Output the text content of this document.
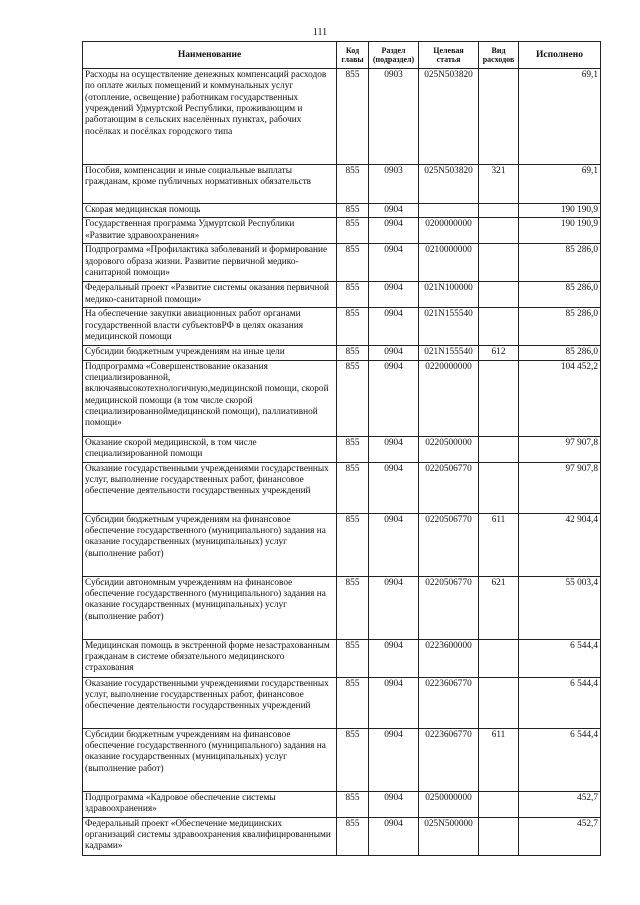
111
Наименование	Код главы	Раздел (подраздел)	Целевая статья	Вид расходов	Исполнено
Расходы на осуществление денежных компенсаций расходов по оплате жилых помещений и коммунальных услуг (отопление, освещение) работникам государственных учреждений Удмуртской Республики, проживающим и работающим в сельских населённых пунктах, рабочих посёлках и посёлках городского типа	855	0903	025N503820		69,1
Пособия, компенсации и иные социальные выплаты гражданам, кроме публичных нормативных обязательств	855	0903	025N503820	321	69,1
Скорая медицинская помощь	855	0904			190 190,9
Государственная программа Удмуртской Республики «Развитие здравоохранения»	855	0904	0200000000		190 190,9
Подпрограмма «Профилактика заболеваний и формирование здорового образа жизни. Развитие первичной медико-санитарной помощи»	855	0904	0210000000		85 286,0
Федеральный проект «Развитие системы оказания первичной медико-санитарной помощи»	855	0904	021N100000		85 286,0
На обеспечение закупки авиационных работ органами государственной власти субъектовРФ в целях оказания медицинской помощи	855	0904	021N155540		85 286,0
Субсидии бюджетным учреждениям на иные цели	855	0904	021N155540	612	85 286,0
Подпрограмма «Совершенствование оказания специализированной, включаявысокотехнологичную,медицинской помощи, скорой медицинской помощи (в том числе скорой специализированноймедицинской помощи), паллиативной помощи»	855	0904	0220000000		104 452,2
Оказание скорой медицинской, в том числе специализированной помощи	855	0904	0220500000		97 907,8
Оказание государственными учреждениями государственных услуг, выполнение государственных работ, финансовое обеспечение деятельности государственных учреждений	855	0904	0220506770		97 907,8
Субсидии бюджетным учреждениям на финансовое обеспечение государственного (муниципального) задания на оказание государственных (муниципальных) услуг (выполнение работ)	855	0904	0220506770	611	42 904,4
Субсидии автономным учреждениям на финансовое обеспечение государственного (муниципального) задания на оказание государственных (муниципальных) услуг (выполнение работ)	855	0904	0220506770	621	55 003,4
Медицинская помощь в экстренной форме незастрахованным гражданам в системе обязательного медицинского страхования	855	0904	0223600000		6 544,4
Оказание государственными учреждениями государственных услуг, выполнение государственных работ, финансовое обеспечение деятельности государственных учреждений	855	0904	0223606770		6 544,4
Субсидии бюджетным учреждениям на финансовое обеспечение государственного (муниципального) задания на оказание государственных (муниципальных) услуг (выполнение работ)	855	0904	0223606770	611	6 544,4
Подпрограмма «Кадровое обеспечение системы здравоохранения»	855	0904	0250000000		452,7
Федеральный проект «Обеспечение медицинских организаций системы здравоохранения квалифицированными кадрами»	855	0904	025N500000		452,7
